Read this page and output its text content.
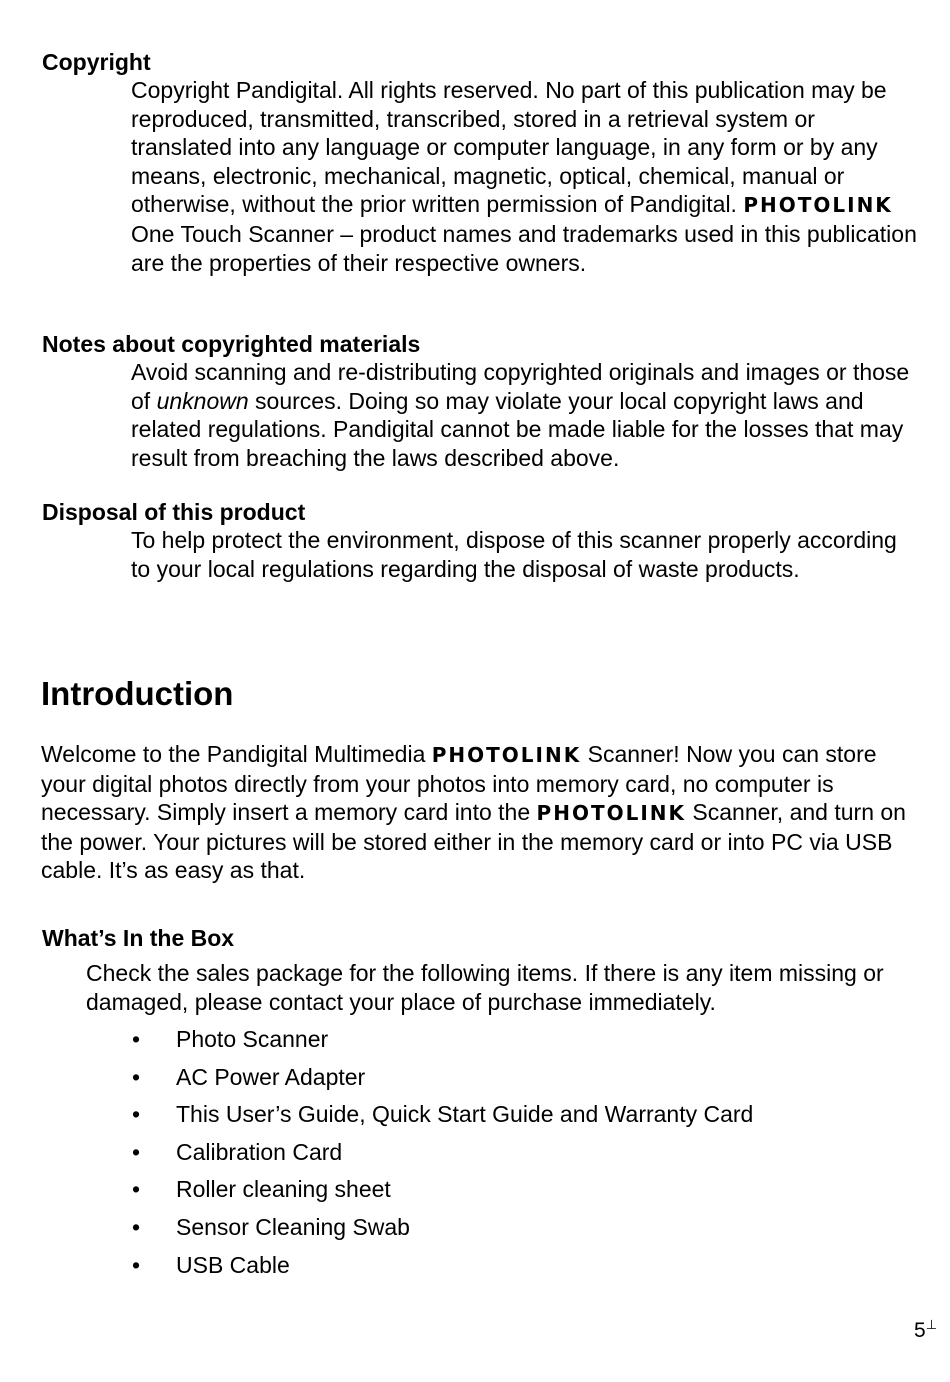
Copyright

Copyright Pandigital. All rights reserved. No part of this publication may be reproduced, transmitted, transcribed, stored in a retrieval system or translated into any language or computer language, in any form or by any means, electronic, mechanical, magnetic, optical, chemical, manual or otherwise, without the prior written permission of Pandigital. PHOTOLINK One Touch Scanner – product names and trademarks used in this publication are the properties of their respective owners.

Notes about copyrighted materials

Avoid scanning and re-distributing copyrighted originals and images or those of unknown sources. Doing so may violate your local copyright laws and related regulations. Pandigital cannot be made liable for the losses that may result from breaching the laws described above.

Disposal of this product

To help protect the environment, dispose of this scanner properly according to your local regulations regarding the disposal of waste products.

Introduction

Welcome to the Pandigital Multimedia PHOTOLINK Scanner! Now you can store your digital photos directly from your photos into memory card, no computer is necessary. Simply insert a memory card into the PHOTOLINK Scanner, and turn on the power. Your pictures will be stored either in the memory card or into PC via USB cable. It’s as easy as that.

What’s In the Box

Check the sales package for the following items. If there is any item missing or damaged, please contact your place of purchase immediately.

• Photo Scanner
• AC Power Adapter
• This User’s Guide, Quick Start Guide and Warranty Card
• Calibration Card
• Roller cleaning sheet
• Sensor Cleaning Swab
• USB Cable
5⊥
